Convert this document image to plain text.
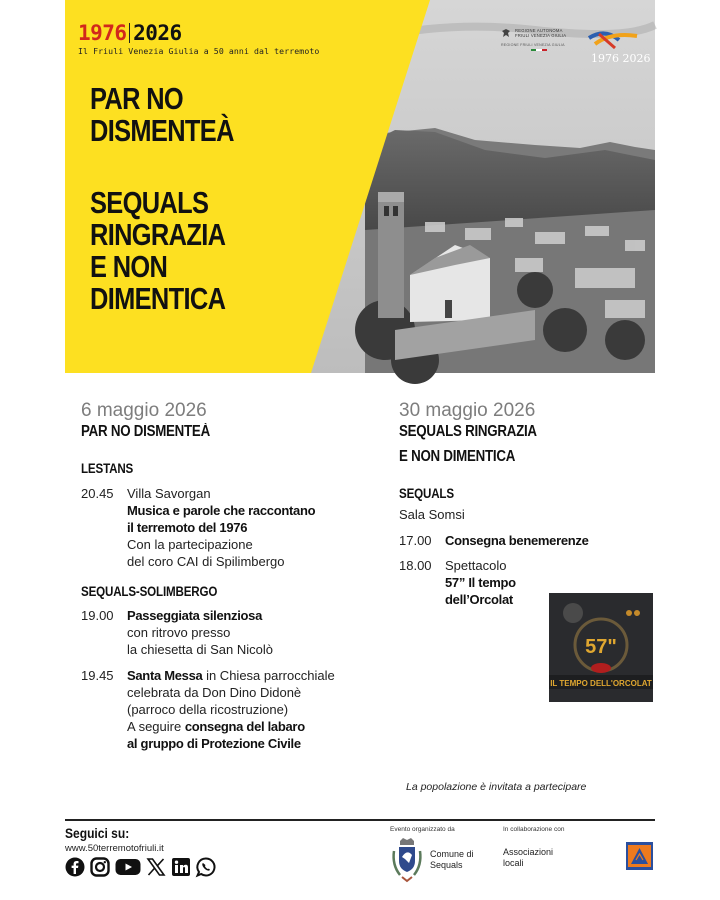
1976 2026
Il Friuli Venezia Giulia a 50 anni dal terremoto
PAR NO
DISMENTEÀ
SEQUALS
RINGRAZIA
E NON
DIMENTICA
REGIONE AUTONOMA
FRIULI VENEZIA GIULIA
REGIONE FRIULI VENEZIA GIULIA
1976 2026
6 maggio 2026
PAR NO DISMENTEÀ
LESTANS
20.45	Villa Savorgan
Musica e parole che raccontano
il terremoto del 1976
Con la partecipazione
del coro CAI di Spilimbergo
SEQUALS-SOLIMBERGO
19.00	Passeggiata silenziosa
con ritrovo presso
la chiesetta di San Nicolò
19.45	Santa Messa in Chiesa parrocchiale
celebrata da Don Dino Didonè
(parroco della ricostruzione)
A seguire consegna del labaro
al gruppo di Protezione Civile
30 maggio 2026
SEQUALS RINGRAZIA
E NON DIMENTICA
SEQUALS
Sala Somsi
17.00	Consegna benemerenze
18.00	Spettacolo
57” Il tempo
dell’Orcolat
57"
IL TEMPO DELL'ORCOLAT
La popolazione è invitata a partecipare
Seguici su:
www.50terremotofriuli.it
Evento organizzato da
Comune di
Sequals
In collaborazione con
Associazioni
locali
